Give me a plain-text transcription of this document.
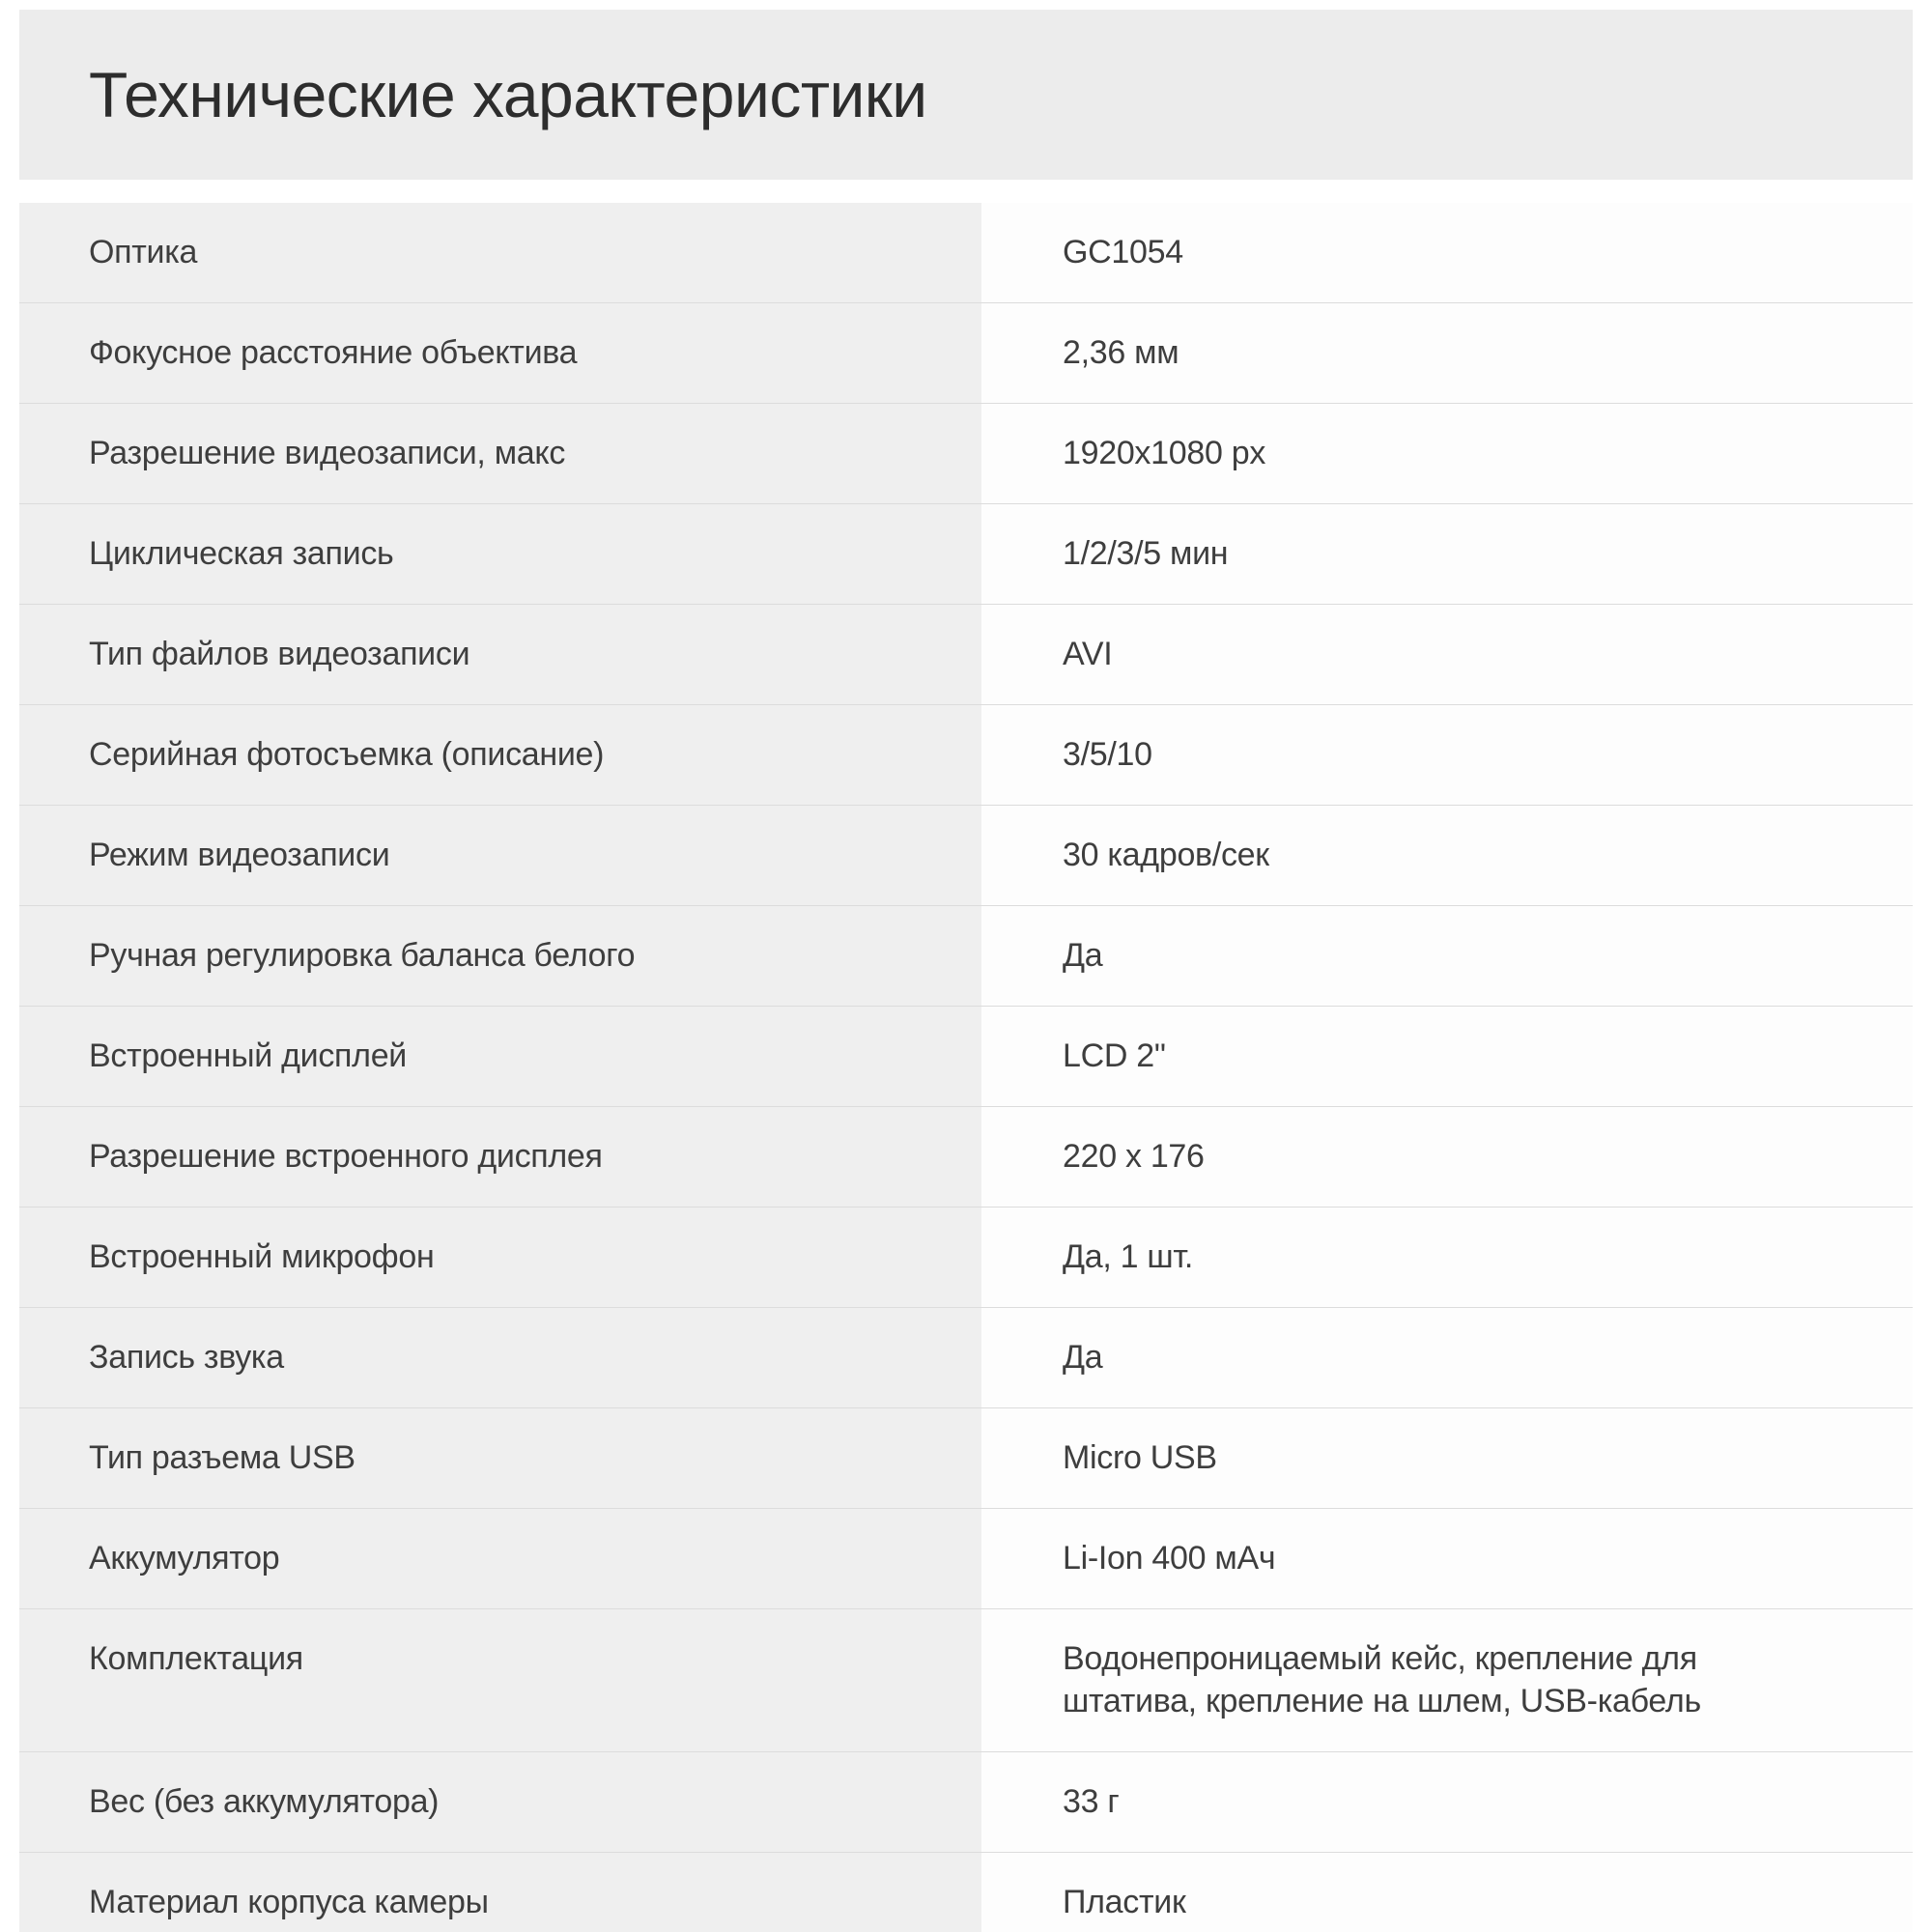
Технические характеристики
Оптика	GC1054
Фокусное расстояние объектива	2,36 мм
Разрешение видеозаписи, макс	1920x1080 px
Циклическая запись	1/2/3/5 мин
Тип файлов видеозаписи	AVI
Серийная фотосъемка (описание)	3/5/10
Режим видеозаписи	30 кадров/сек
Ручная регулировка баланса белого	Да
Встроенный дисплей	LCD 2"
Разрешение встроенного дисплея	220 x 176
Встроенный микрофон	Да, 1 шт.
Запись звука	Да
Тип разъема USB	Micro USB
Аккумулятор	Li-Ion 400 мАч
Комплектация	Водонепроницаемый кейс, крепление для штатива, крепление на шлем, USB-кабель
Вес (без аккумулятора)	33 г
Материал корпуса камеры	Пластик
